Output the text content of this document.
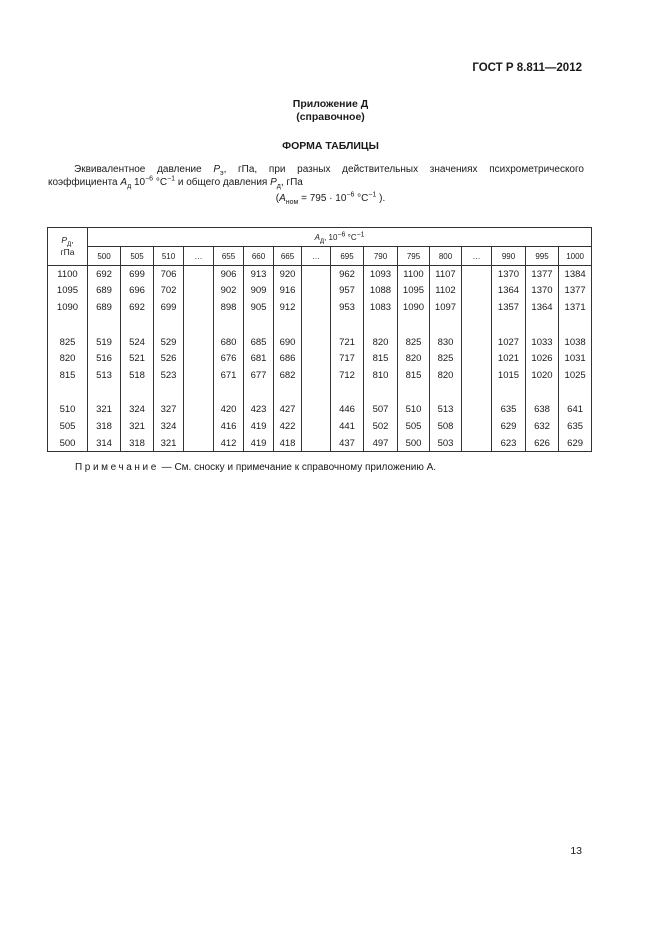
ГОСТ Р 8.811—2012
Приложение Д
(справочное)
ФОРМА ТАБЛИЦЫ
Эквивалентное давление $P_э$, гПа, при разных действительных значениях психрометрического коэффициента $A_д$ $10^{-6}$ $^\circ С^{-1}$ и общего давления $P_д$, гПа
($A_{ном} = 795 \cdot 10^{-6}$ $^\circ С^{-1}$ ).
$P_д$,
гПа	$A_д$, $10^{-6}$ $^\circ С^{-1}$
	500	505	510	…	655	660	665	…	695	790	795	800	…	990	995	1000
1100	692	699	706		906	913	920		962	1093	1100	1107		1370	1377	1384
1095	689	696	702		902	909	916		957	1088	1095	1102		1364	1370	1377
1090	689	692	699		898	905	912		953	1083	1090	1097		1357	1364	1371

825	519	524	529		680	685	690		721	820	825	830		1027	1033	1038
820	516	521	526		676	681	686		717	815	820	825		1021	1026	1031
815	513	518	523		671	677	682		712	810	815	820		1015	1020	1025

510	321	324	327		420	423	427		446	507	510	513		635	638	641
505	318	321	324		416	419	422		441	502	505	508		629	632	635
500	314	318	321		412	419	418		437	497	500	503		623	626	629
Примечание — См. сноску и примечание к справочному приложению А.
13
